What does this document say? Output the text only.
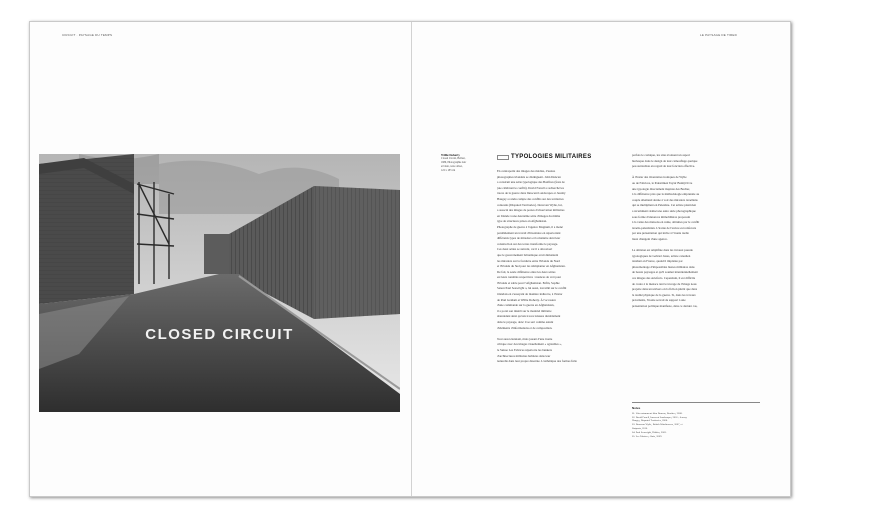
CIRCUIT · PAYSAGE DU TEMPS	LE PAYSAGE DE TIRED
CLOSED CIRCUIT
Willie Doherty
Closed Circuit, Belfast,
1989, Photographie noir
et blanc, texte offset,
122 x 183 cm
TYPOLOGIES MILITAIRES
En contrepoint des images des médias, d'autres
photographes irlandais se distinguent. John Duncan
a construit une série typologique des Bonfires (feux de
joie célébrant le conflit). David Farrell a recherché les
traces de la guerre dans Innocent Landscapes et Jeremy
Haugey a rendu compte des conflits sur des territoires
contestés (Disputed Territories). Donovan Wylie, lui,
a associé des images de postes d'observation militaires
en Irlande à une deuxième série d'images du même
type de structures prises en Afghanistan.
Photographe de guerre à l'agence Magnum, il a mené
parallèlement un travail d'inventaire en répertoriant
différents types de miradors et la manière dont leur
construction sur des terres transforme le paysage.
Ces deux séries se suivent, car il a découvert
que le gouvernement britannique avait démantelé
les miradors sur la frontière entre l'Irlande du Nord
et l'Irlande du Sud pour les réimplanter en Afghanistan.
De fait, la seule différence entre les deux séries
est leurs tonalités respectives : nuances de vert pour
l'Irlande et sable pour l'Afghanistan. Enfin, Sophie
Sanon Paul Seawright a, lui aussi, travaillé sur le conflit
irlandais en s'essayant de manière indirecte, à l'instar
de Paul Graham et Willie Doherty. À l'occasion
d'une commande sur la guerre en Afghanistan,
il a porté son intérêt sur le matériel militaire
abandonné ainsi qu'aux traces laissées durablement
dans le paysage, donc il se sert comme autant
d'éléments d'informations et de composition.

Tout aussi étonnant, mais jouant d'une ironie
critique avec des images visuellement « agréables »,
le Suisse Les Fabrices répertorie les bunkers
d'architectures militaires habitées dans leur
naturelle dans leur propre désertée. L'esthétique des formes fréle
parfois le comique, les sites évoluent un aspect
burlesque dans le design de leur camouflage quelque
peu surréaliste en regard de leur fonction effective.

À l'instar des inventaires ironiques de Wylie
ou de Fabrices, le Palestinien Taysir Batniji livre
une typologie directement inspirée des Becher,
à la différence près que la méthodologie empruntée au
couple allemand donne à voir des miradors israéliens
qui se multiplient en Palestine. Cet artiste plasticien
a récemment réalisé une autre série photographique
sous forme d'annonces immobilières proposant
à la vente des maisons en ruine, détruites par le conflit
israélo-palestinien. L'ironie de l'œuvre est renforcée
par une présentation qui invite à l'ironie réelle
lieux changent d'une agence.

La dérision est amplifiée dans les travaux pseudo
typologiques de Gabriel Jones, artiste canadien
résidant en France, quand il implante par
photomontage d'impossibles bustes militaires dans
de beaux paysages et qu'il soumet intentionnellement
ces images des Artefacts. Cependant, il est difficile
de croire à la menace tant le trucage de l'image nous
projette dans un univers où la fiction plutôt que dans
la réalité physique de la guerre. Si, dans les travaux
précédents, l'ironie servait de support à une
présentation politique manifeste, dans ce dernier cas,
Notes
01. Voir notamment John Duncan, Bonfires, 2008.
02. David Farrell, Innocent Landscapes, 2001 ; Jeremy
Haugey, Disputed Territories, 2006.
03. Donovan Wylie, British Watchtowers, 2007, et
Outposts, 2010.
04. Paul Seawright, Hidden, 2003.
05. Les Fabrices, Abris, 2009.
